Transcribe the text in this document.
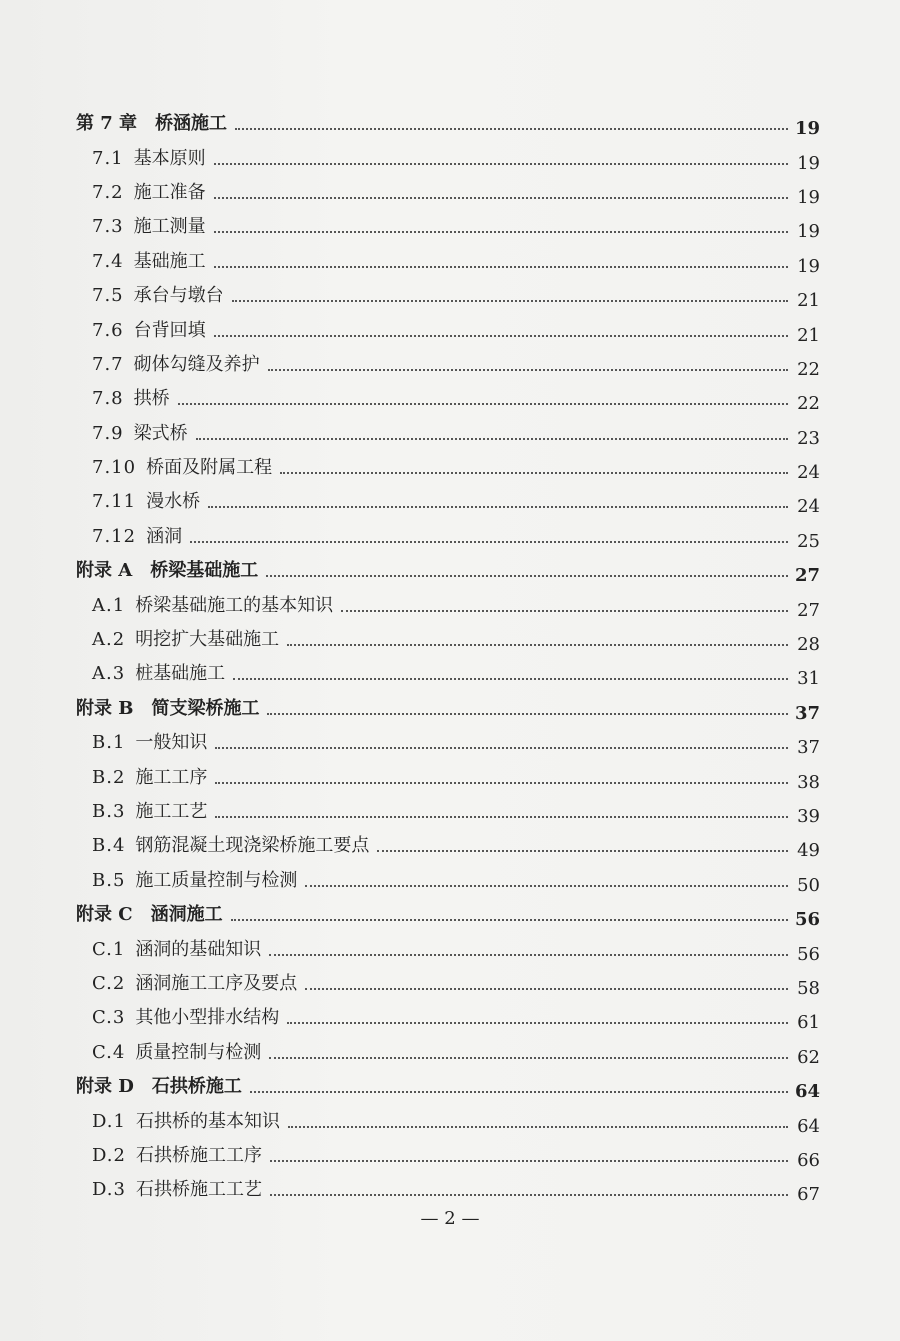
第 7 章 桥涵施工	19
7.1 基本原则	19
7.2 施工准备	19
7.3 施工测量	19
7.4 基础施工	19
7.5 承台与墩台	21
7.6 台背回填	21
7.7 砌体勾缝及养护	22
7.8 拱桥	22
7.9 梁式桥	23
7.10 桥面及附属工程	24
7.11 漫水桥	24
7.12 涵洞	25
附录 A 桥梁基础施工	27
A.1 桥梁基础施工的基本知识	27
A.2 明挖扩大基础施工	28
A.3 桩基础施工	31
附录 B 简支梁桥施工	37
B.1 一般知识	37
B.2 施工工序	38
B.3 施工工艺	39
B.4 钢筋混凝土现浇梁桥施工要点	49
B.5 施工质量控制与检测	50
附录 C 涵洞施工	56
C.1 涵洞的基础知识	56
C.2 涵洞施工工序及要点	58
C.3 其他小型排水结构	61
C.4 质量控制与检测	62
附录 D 石拱桥施工	64
D.1 石拱桥的基本知识	64
D.2 石拱桥施工工序	66
D.3 石拱桥施工工艺	67
— 2 —
